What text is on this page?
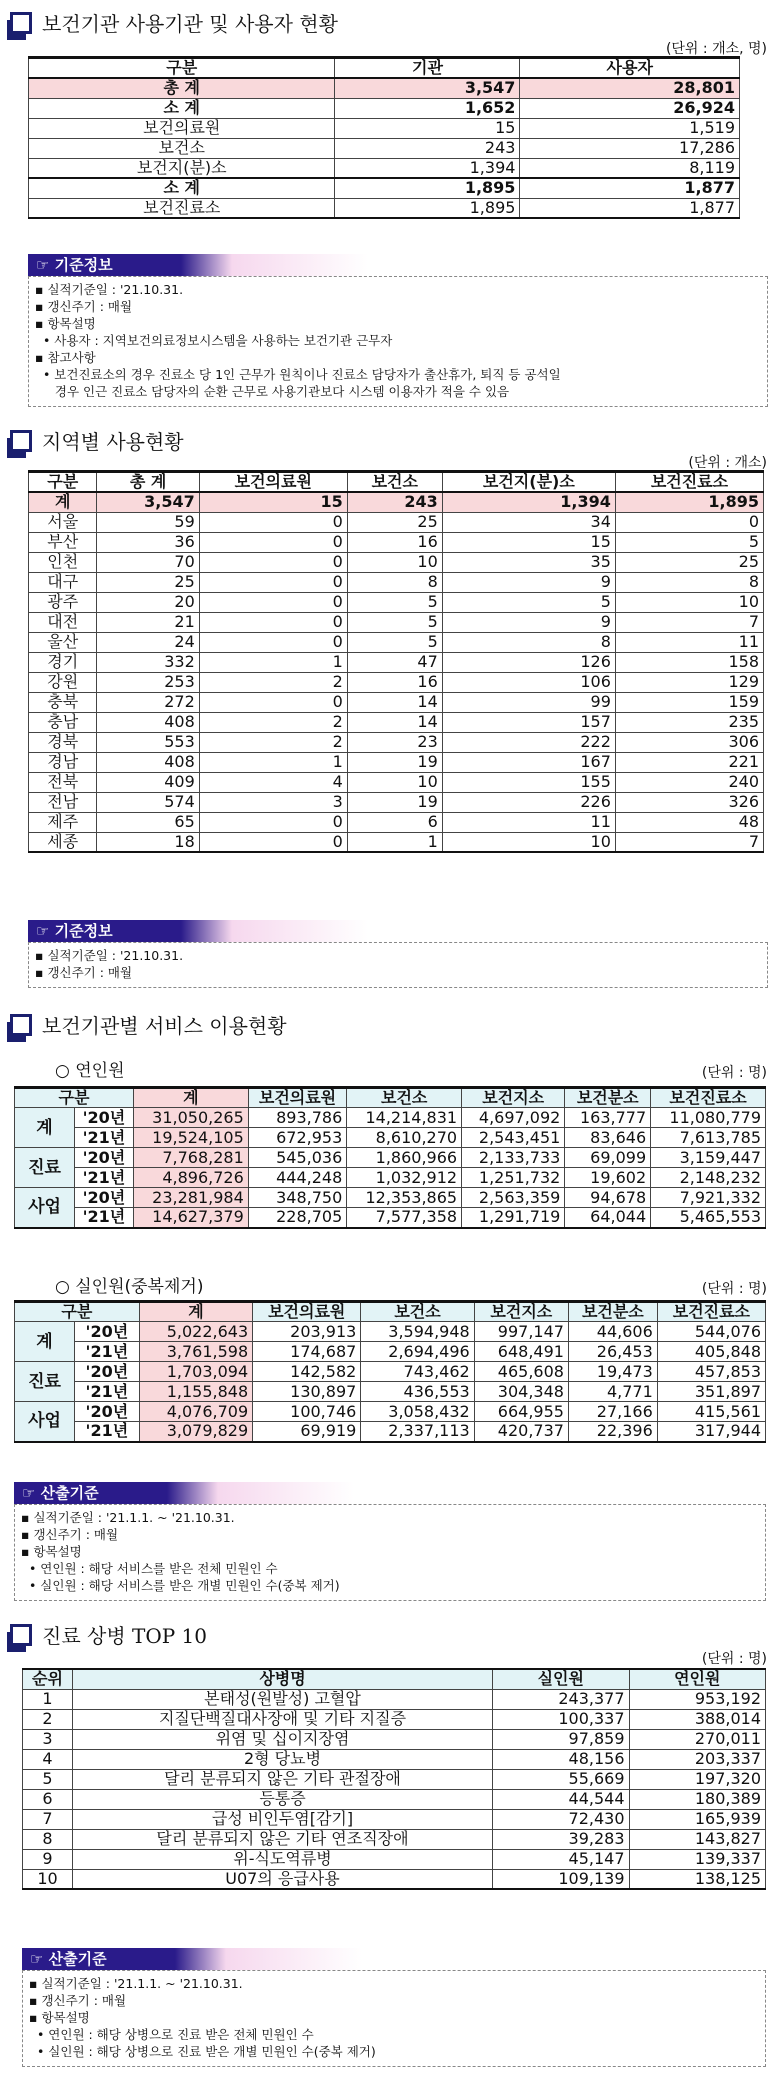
보건기관 사용기관 및 사용자 현황
(단위 : 개소, 명)
구분	기관	사용자
총 계	3,547	28,801
소 계	1,652	26,924
보건의료원	15	1,519
보건소	243	17,286
보건지(분)소	1,394	8,119
소 계	1,895	1,877
보건진료소	1,895	1,877
☞ 기준정보
▪ 실적기준일 : '21.10.31.
▪ 갱신주기 : 매월
▪ 항목설명
• 사용자 : 지역보건의료정보시스템을 사용하는 보건기관 근무자
▪ 참고사항
• 보건진료소의 경우 진료소 당 1인 근무가 원칙이나 진료소 담당자가 출산휴가, 퇴직 등 공석일
경우 인근 진료소 담당자의 순환 근무로 사용기관보다 시스템 이용자가 적을 수 있음
지역별 사용현황
(단위 : 개소)
구분	총 계	보건의료원	보건소	보건지(분)소	보건진료소
계	3,547	15	243	1,394	1,895
서울	59	0	25	34	0
부산	36	0	16	15	5
인천	70	0	10	35	25
대구	25	0	8	9	8
광주	20	0	5	5	10
대전	21	0	5	9	7
울산	24	0	5	8	11
경기	332	1	47	126	158
강원	253	2	16	106	129
충북	272	0	14	99	159
충남	408	2	14	157	235
경북	553	2	23	222	306
경남	408	1	19	167	221
전북	409	4	10	155	240
전남	574	3	19	226	326
제주	65	0	6	11	48
세종	18	0	1	10	7
☞ 기준정보
▪ 실적기준일 : '21.10.31.
▪ 갱신주기 : 매월
보건기관별 서비스 이용현황
○ 연인원	(단위 : 명)
구분		계	보건의료원	보건소	보건지소	보건분소	보건진료소
계	'20년	31,050,265	893,786	14,214,831	4,697,092	163,777	11,080,779
	'21년	19,524,105	672,953	8,610,270	2,543,451	83,646	7,613,785
진료	'20년	7,768,281	545,036	1,860,966	2,133,733	69,099	3,159,447
	'21년	4,896,726	444,248	1,032,912	1,251,732	19,602	2,148,232
사업	'20년	23,281,984	348,750	12,353,865	2,563,359	94,678	7,921,332
	'21년	14,627,379	228,705	7,577,358	1,291,719	64,044	5,465,553
○ 실인원(중복제거)	(단위 : 명)
구분		계	보건의료원	보건소	보건지소	보건분소	보건진료소
계	'20년	5,022,643	203,913	3,594,948	997,147	44,606	544,076
	'21년	3,761,598	174,687	2,694,496	648,491	26,453	405,848
진료	'20년	1,703,094	142,582	743,462	465,608	19,473	457,853
	'21년	1,155,848	130,897	436,553	304,348	4,771	351,897
사업	'20년	4,076,709	100,746	3,058,432	664,955	27,166	415,561
	'21년	3,079,829	69,919	2,337,113	420,737	22,396	317,944
☞ 산출기준
▪ 실적기준일 : '21.1.1. ~ '21.10.31.
▪ 갱신주기 : 매월
▪ 항목설명
• 연인원 : 해당 서비스를 받은 전체 민원인 수
• 실인원 : 해당 서비스를 받은 개별 민원인 수(중복 제거)
진료 상병 TOP 10
(단위 : 명)
순위	상병명	실인원	연인원
1	본태성(원발성) 고혈압	243,377	953,192
2	지질단백질대사장애 및 기타 지질증	100,337	388,014
3	위염 및 십이지장염	97,859	270,011
4	2형 당뇨병	48,156	203,337
5	달리 분류되지 않은 기타 관절장애	55,669	197,320
6	등통증	44,544	180,389
7	급성 비인두염[감기]	72,430	165,939
8	달리 분류되지 않은 기타 연조직장애	39,283	143,827
9	위-식도역류병	45,147	139,337
10	U07의 응급사용	109,139	138,125
☞ 산출기준
▪ 실적기준일 : '21.1.1. ~ '21.10.31.
▪ 갱신주기 : 매월
▪ 항목설명
• 연인원 : 해당 상병으로 진료 받은 전체 민원인 수
• 실인원 : 해당 상병으로 진료 받은 개별 민원인 수(중복 제거)
